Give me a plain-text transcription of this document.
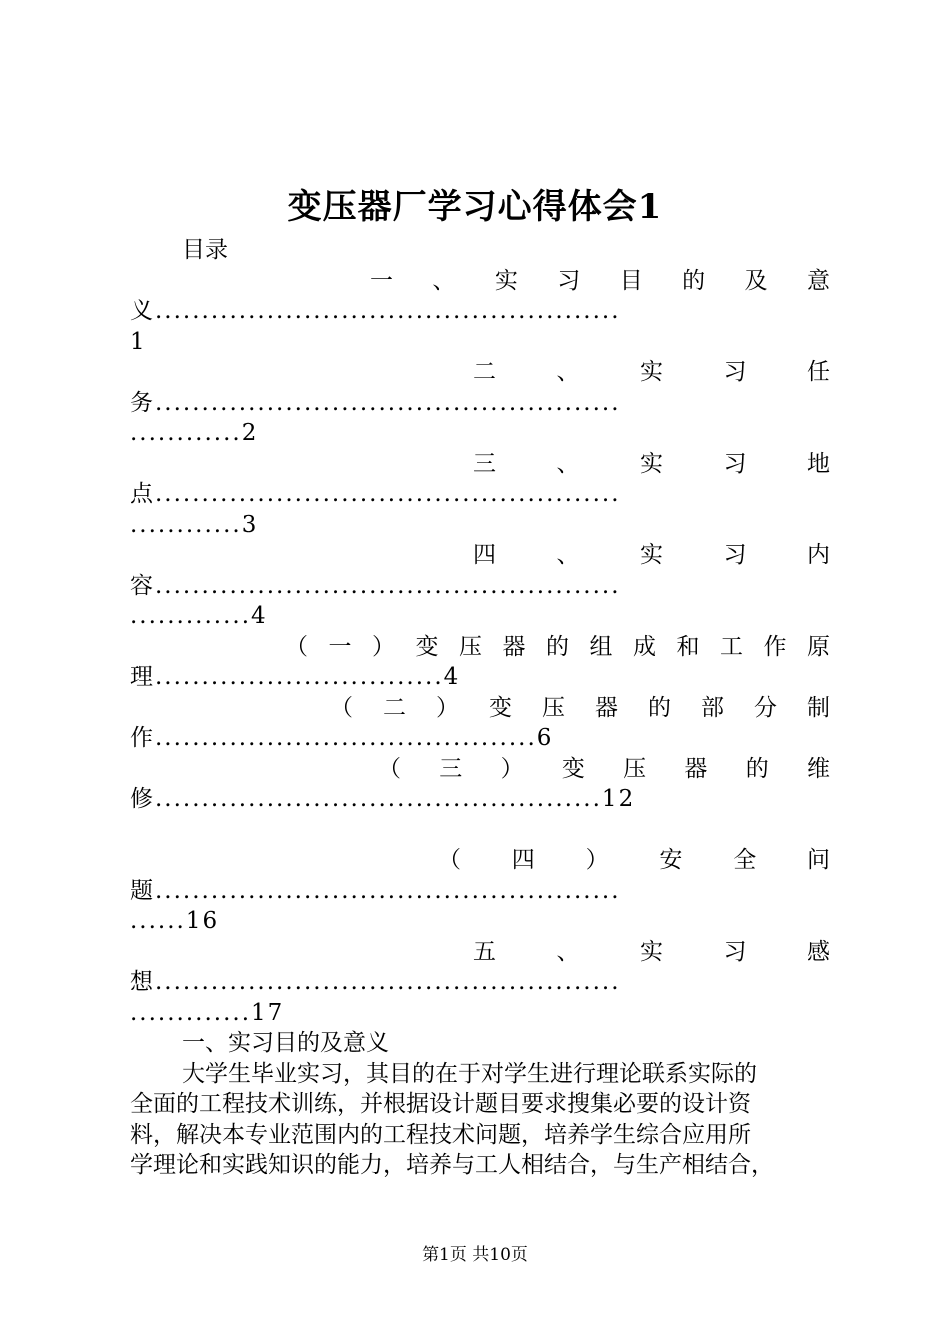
变压器厂学习心得体会1
目录
一 、 实 习 目 的 及 意
义..................................................
1
二	、	实	习	任
务..................................................
............2
三	、	实	习	地
点..................................................
............3
四	、	实	习	内
容..................................................
.............4
（ 一 ） 变 压 器 的 组 成 和 工 作 原
理...............................4
（ 二 ） 变 压 器 的 部 分 制
作.........................................6
（ 三 ） 变 压 器 的 维
修................................................12
（ 四 ） 安 全 问
题..................................................
......16
五	、	实	习	感
想..................................................
.............17
一、实习目的及意义
大学生毕业实习，其目的在于对学生进行理论联系实际的
全面的工程技术训练，并根据设计题目要求搜集必要的设计资
料，解决本专业范围内的工程技术问题，培养学生综合应用所
学理论和实践知识的能力，培养与工人相结合，与生产相结合，
第1页 共10页
